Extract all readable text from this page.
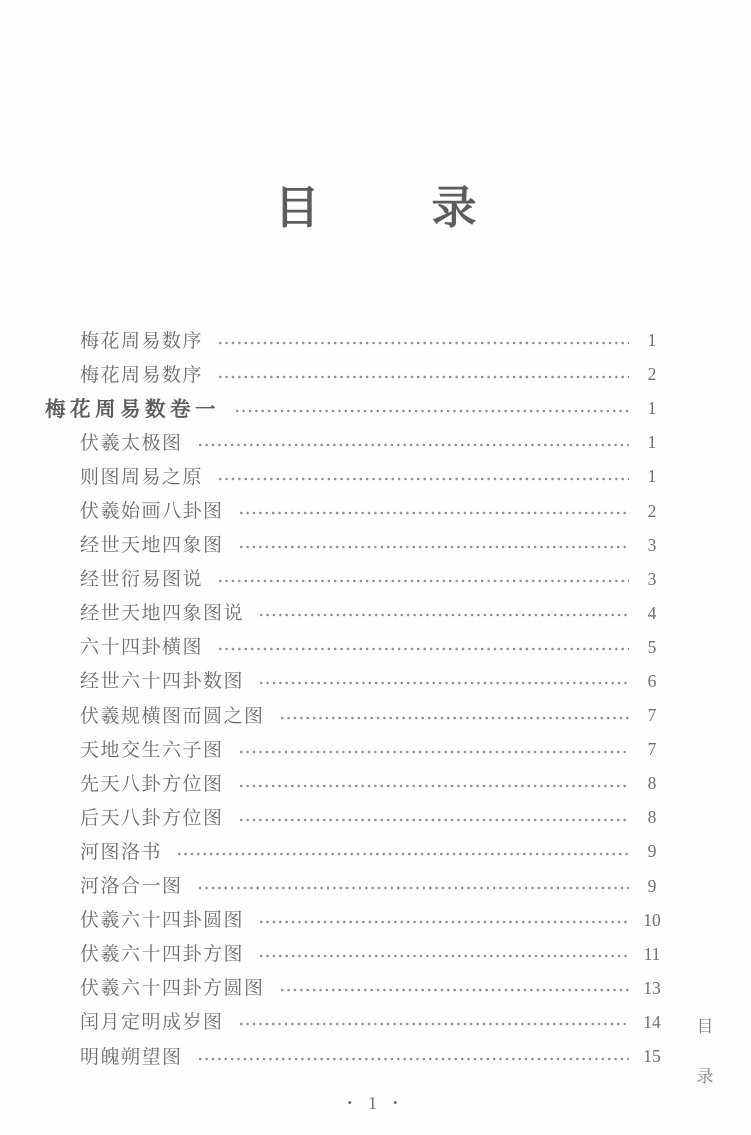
目 录
梅花周易数序	1
梅花周易数序	2
梅花周易数卷一	1
伏羲太极图	1
则图周易之原	1
伏羲始画八卦图	2
经世天地四象图	3
经世衍易图说	3
经世天地四象图说	4
六十四卦横图	5
经世六十四卦数图	6
伏羲规横图而圆之图	7
天地交生六子图	7
先天八卦方位图	8
后天八卦方位图	8
河图洛书	9
河洛合一图	9
伏羲六十四卦圆图	10
伏羲六十四卦方图	11
伏羲六十四卦方圆图	13
闰月定明成岁图	14
明魄朔望图	15
目
录
• 1 •
